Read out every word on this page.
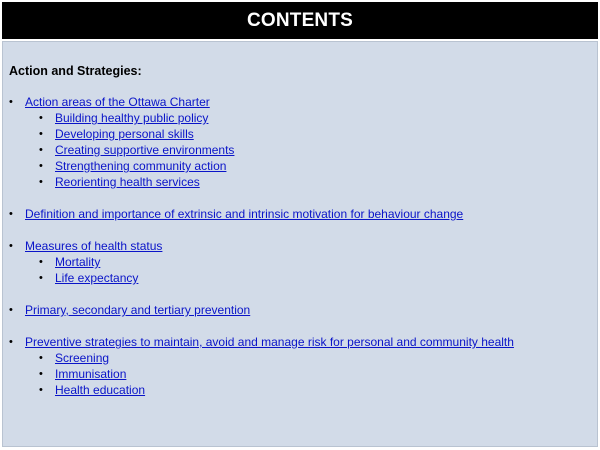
CONTENTS
Action and Strategies:
• Action areas of the Ottawa Charter
• Building healthy public policy
• Developing personal skills
• Creating supportive environments
• Strengthening community action
• Reorienting health services
• Definition and importance of extrinsic and intrinsic motivation for behaviour change
• Measures of health status
• Mortality
• Life expectancy
• Primary, secondary and tertiary prevention
• Preventive strategies to maintain, avoid and manage risk for personal and community health
• Screening
• Immunisation
• Health education
